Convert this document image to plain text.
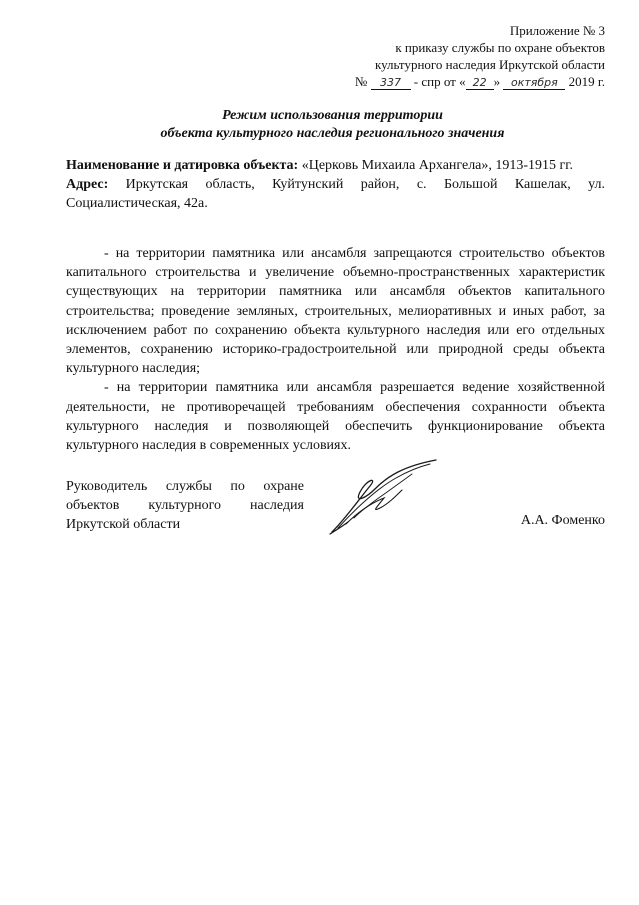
Приложение № 3
к приказу службы по охране объектов
культурного наследия Иркутской области
№ 337 - спр от « 22 » октября 2019 г.
Режим использования территории
объекта культурного наследия регионального значения

Наименование и датировка объекта: «Церковь Михаила Архангела», 1913-1915 гг.

Адрес: Иркутская область, Куйтунский район, с. Большой Кашелак, ул. Социалистическая, 42а.

- на территории памятника или ансамбля запрещаются строительство объектов капитального строительства и увеличение объемно-пространственных характеристик существующих на территории памятника или ансамбля объектов капитального строительства; проведение земляных, строительных, мелиоративных и иных работ, за исключением работ по сохранению объекта культурного наследия или его отдельных элементов, сохранению историко-градостроительной или природной среды объекта культурного наследия;

- на территории памятника или ансамбля разрешается ведение хозяйственной деятельности, не противоречащей требованиям обеспечения сохранности объекта культурного наследия и позволяющей обеспечить функционирование объекта культурного наследия в современных условиях.

Руководитель службы по охране объектов культурного наследия Иркутской области	А.А. Фоменко
